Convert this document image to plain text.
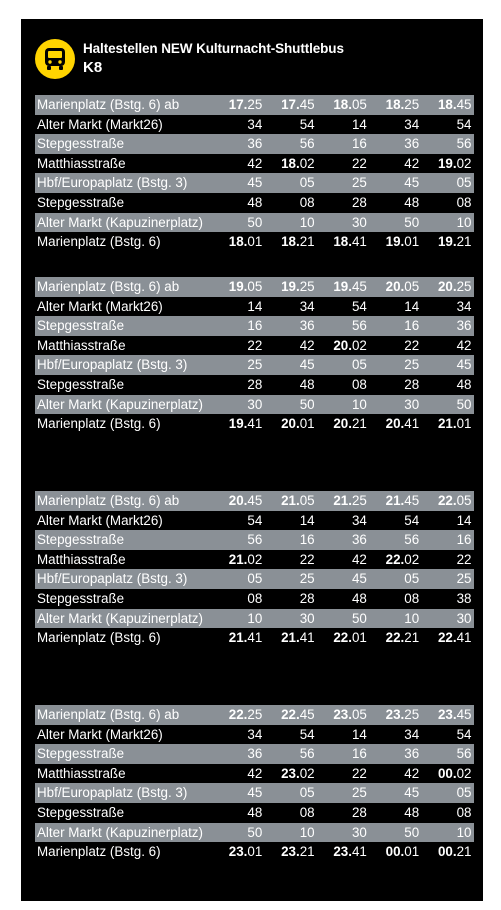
Haltestellen NEW Kulturnacht-Shuttlebus
K8
Marienplatz (Bstg. 6) ab	17.25	17.45	18.05	18.25	18.45
Alter Markt (Markt26)	34	54	14	34	54
Stepgesstraße	36	56	16	36	56
Matthiasstraße	42	18.02	22	42	19.02
Hbf/Europaplatz (Bstg. 3)	45	05	25	45	05
Stepgesstraße	48	08	28	48	08
Alter Markt (Kapuzinerplatz)	50	10	30	50	10
Marienplatz (Bstg. 6)	18.01	18.21	18.41	19.01	19.21
Marienplatz (Bstg. 6) ab	19.05	19.25	19.45	20.05	20.25
Alter Markt (Markt26)	14	34	54	14	34
Stepgesstraße	16	36	56	16	36
Matthiasstraße	22	42	20.02	22	42
Hbf/Europaplatz (Bstg. 3)	25	45	05	25	45
Stepgesstraße	28	48	08	28	48
Alter Markt (Kapuzinerplatz)	30	50	10	30	50
Marienplatz (Bstg. 6)	19.41	20.01	20.21	20.41	21.01
Marienplatz (Bstg. 6) ab	20.45	21.05	21.25	21.45	22.05
Alter Markt (Markt26)	54	14	34	54	14
Stepgesstraße	56	16	36	56	16
Matthiasstraße	21.02	22	42	22.02	22
Hbf/Europaplatz (Bstg. 3)	05	25	45	05	25
Stepgesstraße	08	28	48	08	38
Alter Markt (Kapuzinerplatz)	10	30	50	10	30
Marienplatz (Bstg. 6)	21.41	21.41	22.01	22.21	22.41
Marienplatz (Bstg. 6) ab	22.25	22.45	23.05	23.25	23.45
Alter Markt (Markt26)	34	54	14	34	54
Stepgesstraße	36	56	16	36	56
Matthiasstraße	42	23.02	22	42	00.02
Hbf/Europaplatz (Bstg. 3)	45	05	25	45	05
Stepgesstraße	48	08	28	48	08
Alter Markt (Kapuzinerplatz)	50	10	30	50	10
Marienplatz (Bstg. 6)	23.01	23.21	23.41	00.01	00.21
